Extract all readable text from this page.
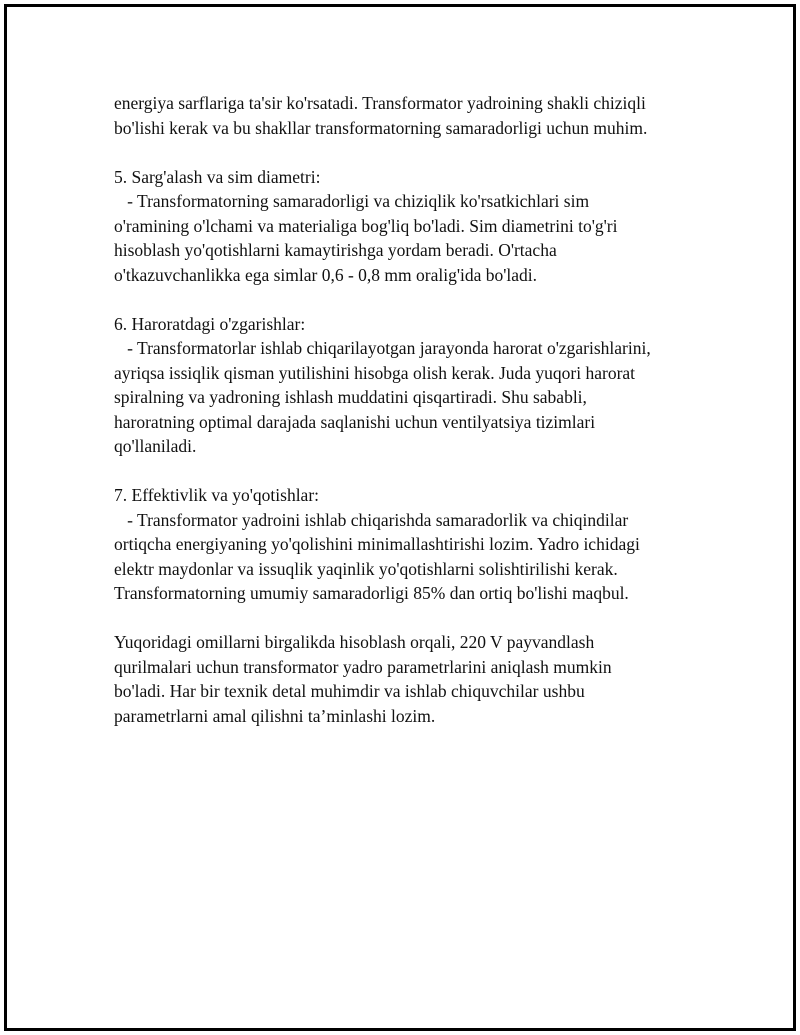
energiya sarflariga ta'sir ko'rsatadi. Transformator yadroining shakli chiziqli
bo'lishi kerak va bu shakllar transformatorning samaradorligi uchun muhim.
5. Sarg'alash va sim diametri:
- Transformatorning samaradorligi va chiziqlik ko'rsatkichlari sim
o'ramining o'lchami va materialiga bog'liq bo'ladi. Sim diametrini to'g'ri
hisoblash yo'qotishlarni kamaytirishga yordam beradi. O'rtacha
o'tkazuvchanlikka ega simlar 0,6 - 0,8 mm oralig'ida bo'ladi.
6. Haroratdagi o'zgarishlar:
- Transformatorlar ishlab chiqarilayotgan jarayonda harorat o'zgarishlarini,
ayriqsa issiqlik qisman yutilishini hisobga olish kerak. Juda yuqori harorat
spiralning va yadroning ishlash muddatini qisqartiradi. Shu sababli,
haroratning optimal darajada saqlanishi uchun ventilyatsiya tizimlari
qo'llaniladi.
7. Effektivlik va yo'qotishlar:
- Transformator yadroini ishlab chiqarishda samaradorlik va chiqindilar
ortiqcha energiyaning yo'qolishini minimallashtirishi lozim. Yadro ichidagi
elektr maydonlar va issuqlik yaqinlik yo'qotishlarni solishtirilishi kerak.
Transformatorning umumiy samaradorligi 85% dan ortiq bo'lishi maqbul.
Yuqoridagi omillarni birgalikda hisoblash orqali, 220 V payvandlash
qurilmalari uchun transformator yadro parametrlarini aniqlash mumkin
bo'ladi. Har bir texnik detal muhimdir va ishlab chiquvchilar ushbu
parametrlarni amal qilishni taʼminlashi lozim.
